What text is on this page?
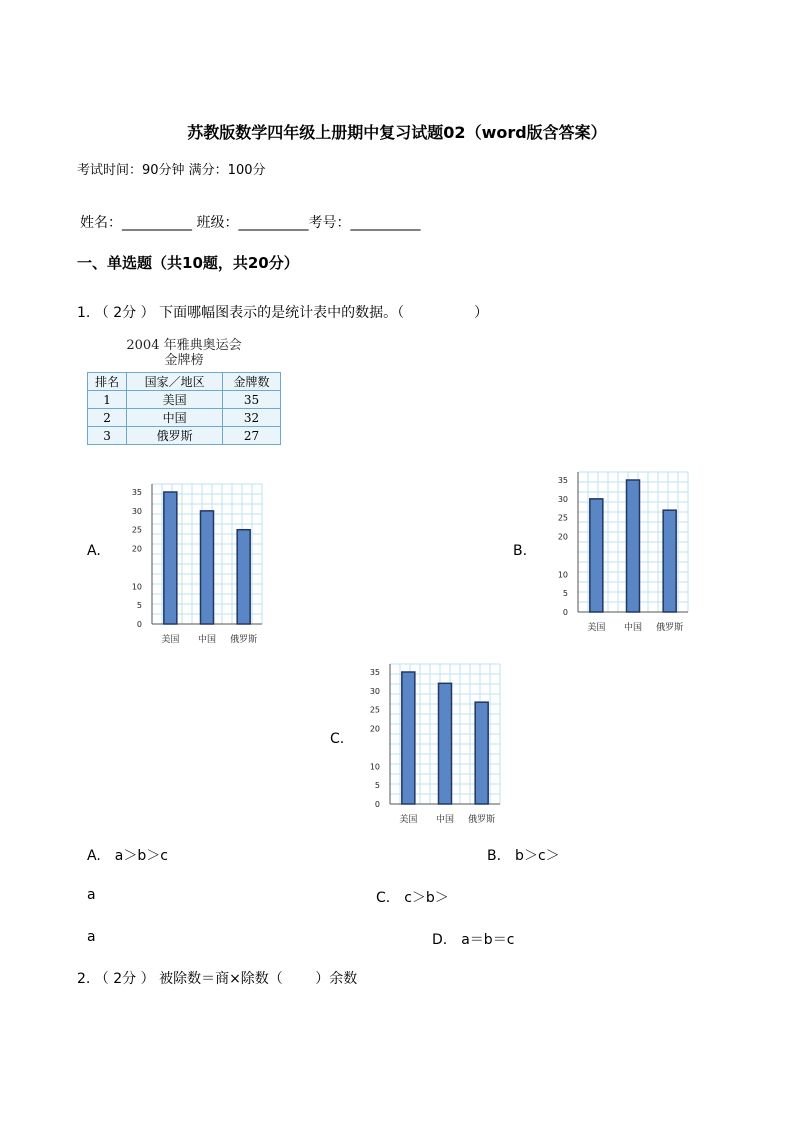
苏教版数学四年级上册期中复习试题02（word版含答案）
考试时间：90分钟 满分：100分
姓名：__________ 班级：__________考号：__________
一、单选题（共10题，共20分）
1. （ 2分 ） 下面哪幅图表示的是统计表中的数据。（　　　　　）
2004 年雅典奥运会
金牌榜
排名	国家／地区	金牌数
1	美国	35
2	中国	32
3	俄罗斯	27
A.
0
5
10
20
25
30
35
美国 中国 俄罗斯
B.
0
5
10
20
25
30
35
美国 中国 俄罗斯
C.
0
5
10
20
25
30
35
美国 中国 俄罗斯
A.　a＞b＞c	B.　b＞c＞
a	C.　c＞b＞
a	D.　a＝b＝c
2. （ 2分 ） 被除数＝商×除数（　　 ）余数
